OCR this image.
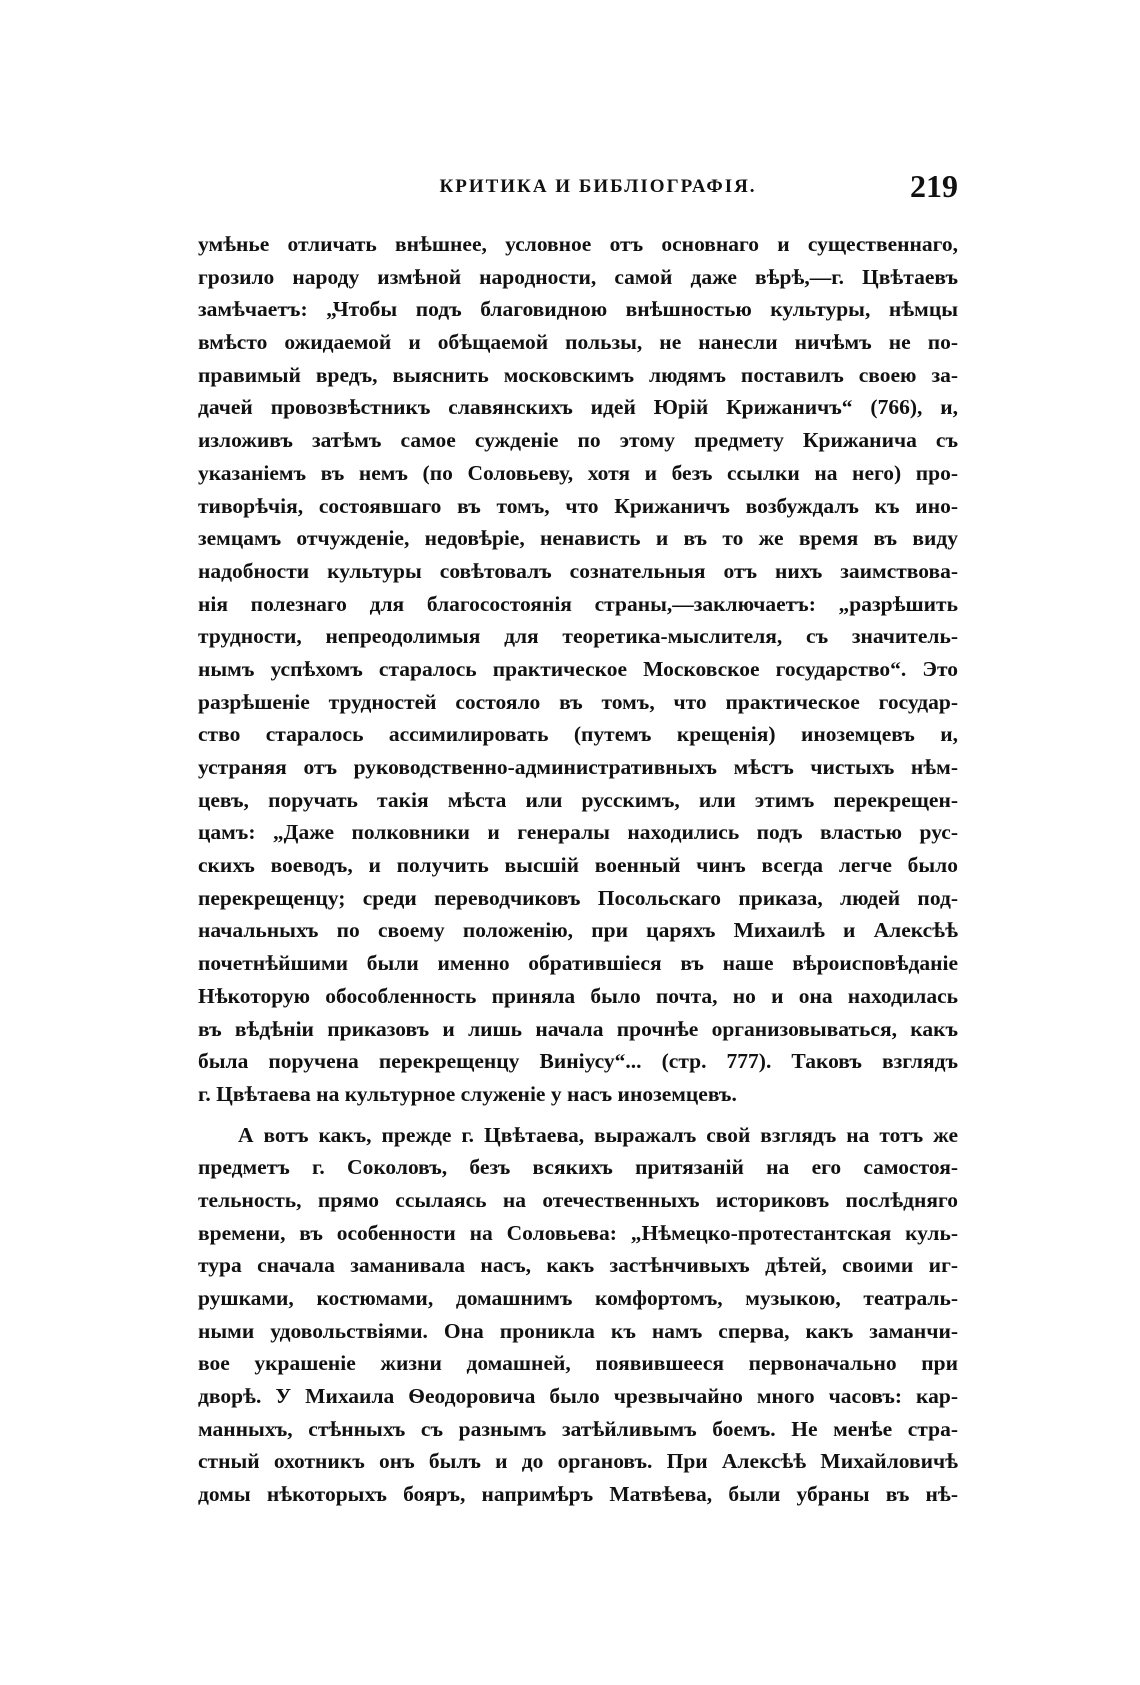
КРИТИКА И БИБЛІОГРАФІЯ.	219
умѣнье отличать внѣшнее, условное отъ основнаго и существеннаго,
грозило народу измѣной народности, самой даже вѣрѣ,—г. Цвѣтаевъ
замѣчаетъ: „Чтобы подъ благовидною внѣшностью культуры, нѣмцы
вмѣсто ожидаемой и обѣщаемой пользы, не нанесли ничѣмъ не по-
правимый вредъ, выяснить московскимъ людямъ поставилъ своею за-
дачей провозвѣстникъ славянскихъ идей Юрій Крижаничъ“ (766), и,
изложивъ затѣмъ самое сужденіе по этому предмету Крижанича съ
указаніемъ въ немъ (по Соловьеву, хотя и безъ ссылки на него) про-
тиворѣчія, состоявшаго въ томъ, что Крижаничъ возбуждалъ къ ино-
земцамъ отчужденіе, недовѣріе, ненависть и въ то же время въ виду
надобности культуры совѣтовалъ сознательныя отъ нихъ заимствова-
нія полезнаго для благосостоянія страны,—заключаетъ: „разрѣшить
трудности, непреодолимыя для теоретика-мыслителя, съ значитель-
нымъ успѣхомъ старалось практическое Московское государство“. Это
разрѣшеніе трудностей состояло въ томъ, что практическое государ-
ство старалось ассимилировать (путемъ крещенія) иноземцевъ и,
устраняя отъ руководственно-административныхъ мѣстъ чистыхъ нѣм-
цевъ, поручать такія мѣста или русскимъ, или этимъ перекрещен-
цамъ: „Даже полковники и генералы находились подъ властью рус-
скихъ воеводъ, и получить высшій военный чинъ всегда легче было
перекрещенцу; среди переводчиковъ Посольскаго приказа, людей под-
начальныхъ по своему положенію, при царяхъ Михаилѣ и Алексѣѣ
почетнѣйшими были именно обратившіеся въ наше вѣроисповѣданіе
Нѣкоторую обособленность приняла было почта, но и она находилась
въ вѣдѣніи приказовъ и лишь начала прочнѣе организовываться, какъ
была поручена перекрещенцу Виніусу“... (стр. 777). Таковъ взглядъ
г. Цвѣтаева на культурное служеніе у насъ иноземцевъ.
А вотъ какъ, прежде г. Цвѣтаева, выражалъ свой взглядъ на тотъ же
предметъ г. Соколовъ, безъ всякихъ притязаній на его самостоя-
тельность, прямо ссылаясь на отечественныхъ историковъ послѣдняго
времени, въ особенности на Соловьева: „Нѣмецко-протестантская куль-
тура сначала заманивала насъ, какъ застѣнчивыхъ дѣтей, своими иг-
рушками, костюмами, домашнимъ комфортомъ, музыкою, театраль-
ными удовольствіями. Она проникла къ намъ сперва, какъ заманчи-
вое украшеніе жизни домашней, появившееся первоначально при
дворѣ. У Михаила Ѳеодоровича было чрезвычайно много часовъ: кар-
манныхъ, стѣнныхъ съ разнымъ затѣйливымъ боемъ. Не менѣе стра-
стный охотникъ онъ былъ и до органовъ. При Алексѣѣ Михайловичѣ
домы нѣкоторыхъ бояръ, напримѣръ Матвѣева, были убраны въ нѣ-
